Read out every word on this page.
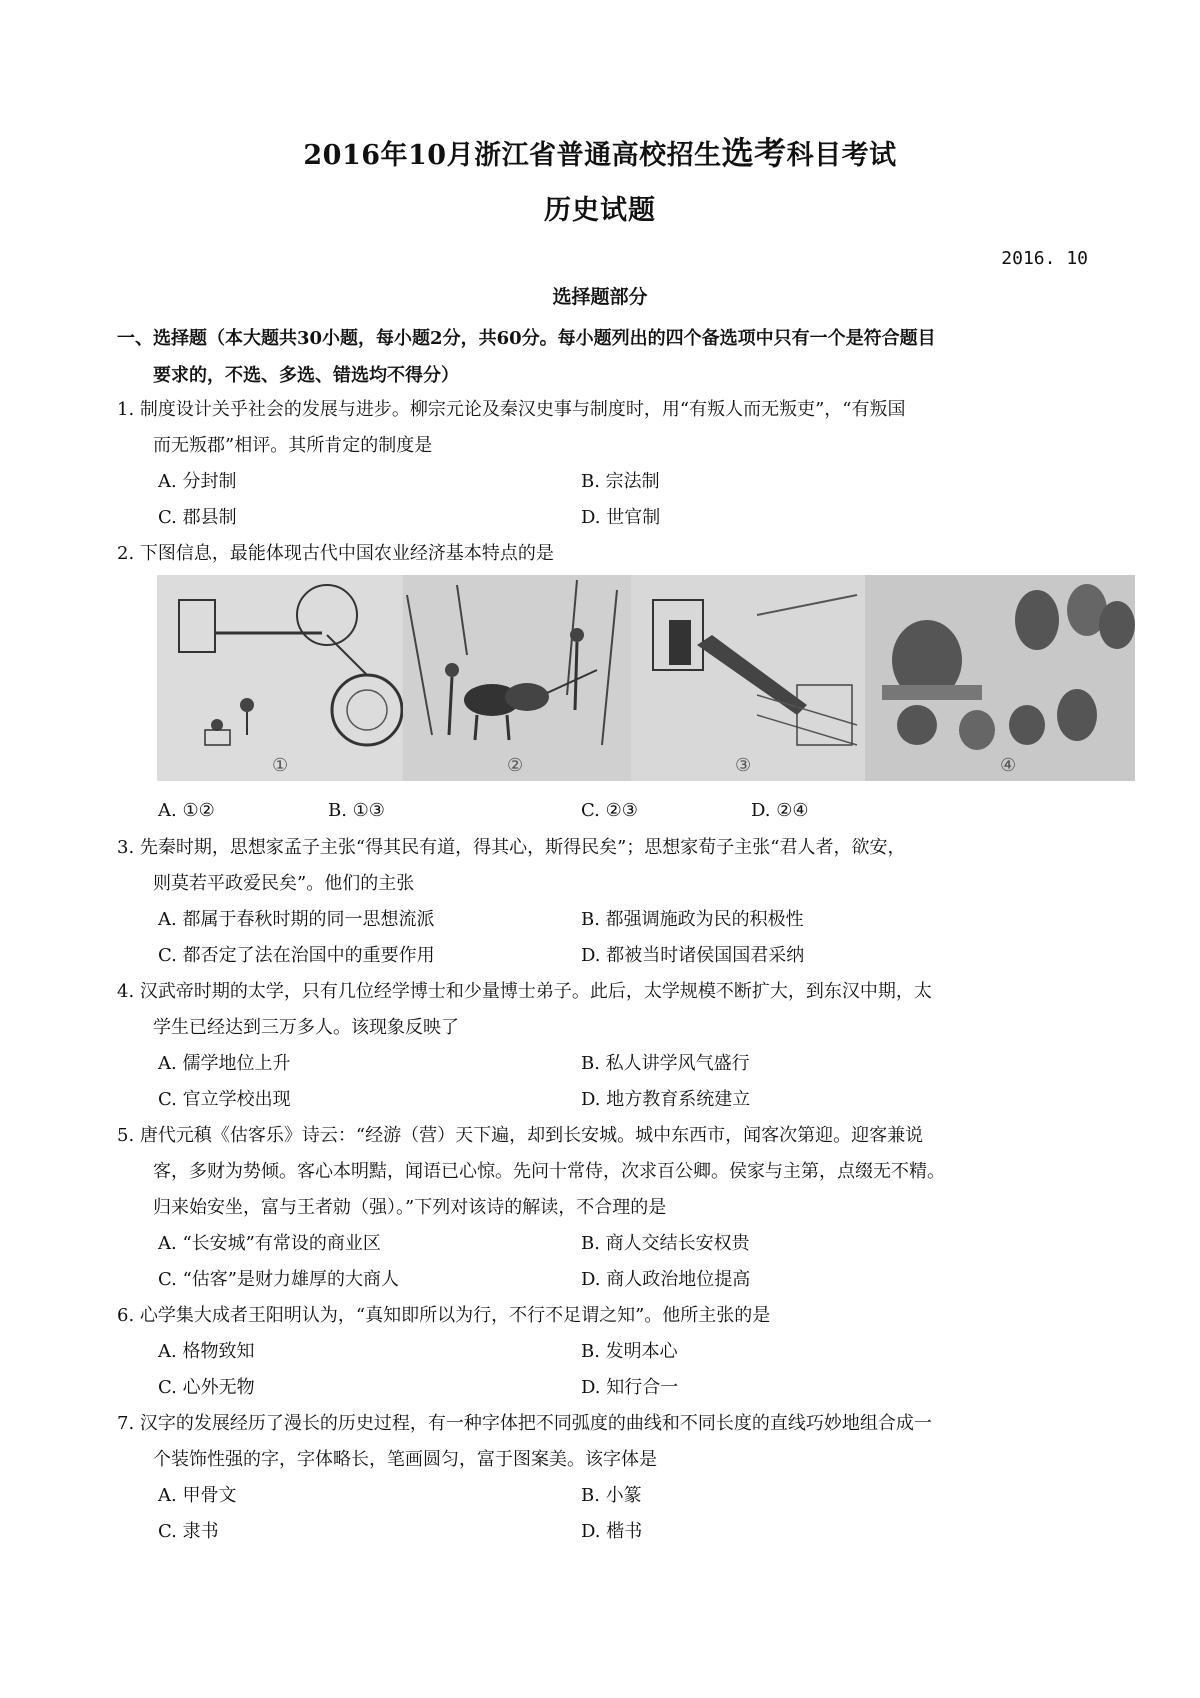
2016年10月浙江省普通高校招生选考科目考试
历史试题
2016. 10
选择题部分
一、选择题（本大题共30小题，每小题2分，共60分。每小题列出的四个备选项中只有一个是符合题目
要求的，不选、多选、错选均不得分）
1. 制度设计关乎社会的发展与进步。柳宗元论及秦汉史事与制度时，用“有叛人而无叛吏”，“有叛国
而无叛郡”相评。其所肯定的制度是
A. 分封制	B. 宗法制
C. 郡县制	D. 世官制
2. 下图信息，最能体现古代中国农业经济基本特点的是
①	②	③	④
A. ①②	B. ①③	C. ②③	D. ②④
3. 先秦时期，思想家孟子主张“得其民有道，得其心，斯得民矣”；思想家荀子主张“君人者，欲安，
则莫若平政爱民矣”。他们的主张
A. 都属于春秋时期的同一思想流派	B. 都强调施政为民的积极性
C. 都否定了法在治国中的重要作用	D. 都被当时诸侯国国君采纳
4. 汉武帝时期的太学，只有几位经学博士和少量博士弟子。此后，太学规模不断扩大，到东汉中期，太
学生已经达到三万多人。该现象反映了
A. 儒学地位上升	B. 私人讲学风气盛行
C. 官立学校出现	D. 地方教育系统建立
5. 唐代元稹《估客乐》诗云：“经游（营）天下遍，却到长安城。城中东西市，闻客次第迎。迎客兼说
客，多财为势倾。客心本明黠，闻语已心惊。先问十常侍，次求百公卿。侯家与主第，点缀无不精。
归来始安坐，富与王者勍（强）。”下列对该诗的解读，不合理的是
A. “长安城”有常设的商业区	B. 商人交结长安权贵
C. “估客”是财力雄厚的大商人	D. 商人政治地位提高
6. 心学集大成者王阳明认为，“真知即所以为行，不行不足谓之知”。他所主张的是
A. 格物致知	B. 发明本心
C. 心外无物	D. 知行合一
7. 汉字的发展经历了漫长的历史过程，有一种字体把不同弧度的曲线和不同长度的直线巧妙地组合成一
个装饰性强的字，字体略长，笔画圆匀，富于图案美。该字体是
A. 甲骨文	B. 小篆
C. 隶书	D. 楷书
